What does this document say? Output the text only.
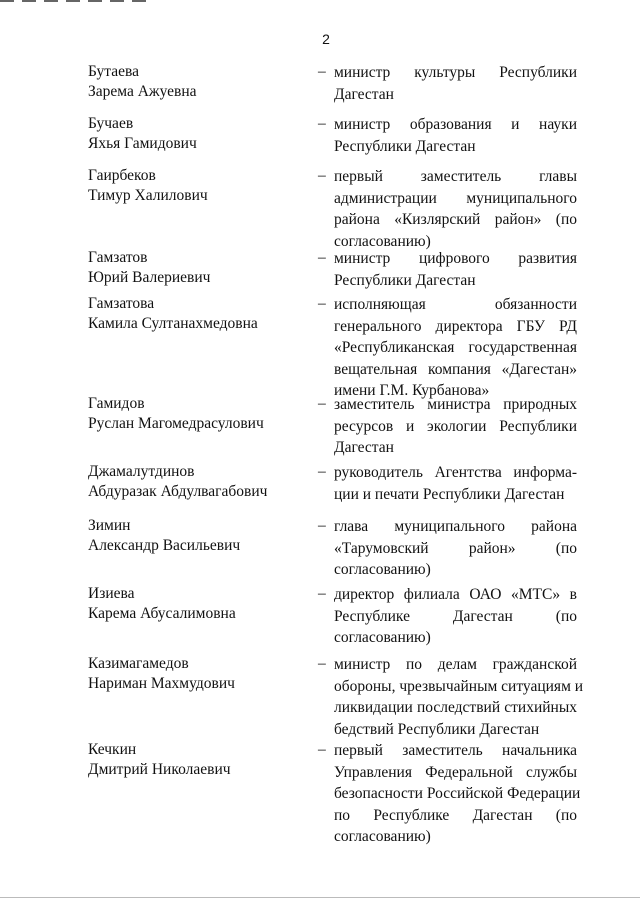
2
Бутаева
Зарема Ажуевна
– министр культуры Республики
Дагестан
Бучаев
Яхья Гамидович
– министр образования и науки
Республики Дагестан
Гаирбеков
Тимур Халилович
– первый заместитель главы
администрации муниципального
района «Кизлярский район» (по
согласованию)
Гамзатов
Юрий Валериевич
– министр цифрового развития
Республики Дагестан
Гамзатова
Камила Султанахмедовна
– исполняющая обязанности
генерального директора ГБУ РД
«Республиканская государственная
вещательная компания «Дагестан»
имени Г.М. Курбанова»
Гамидов
Руслан Магомедрасулович
– заместитель министра природных
ресурсов и экологии Республики
Дагестан
Джамалутдинов
Абдуразак Абдулвагабович
– руководитель Агентства информа-
ции и печати Республики Дагестан
Зимин
Александр Васильевич
– глава муниципального района
«Тарумовский район» (по
согласованию)
Изиева
Карема Абусалимовна
– директор филиала ОАО «МТС» в
Республике Дагестан (по
согласованию)
Казимагамедов
Нариман Махмудович
– министр по делам гражданской
обороны, чрезвычайным ситуациям и
ликвидации последствий стихийных
бедствий Республики Дагестан
Кечкин
Дмитрий Николаевич
– первый заместитель начальника
Управления Федеральной службы
безопасности Российской Федерации
по Республике Дагестан (по
согласованию)
